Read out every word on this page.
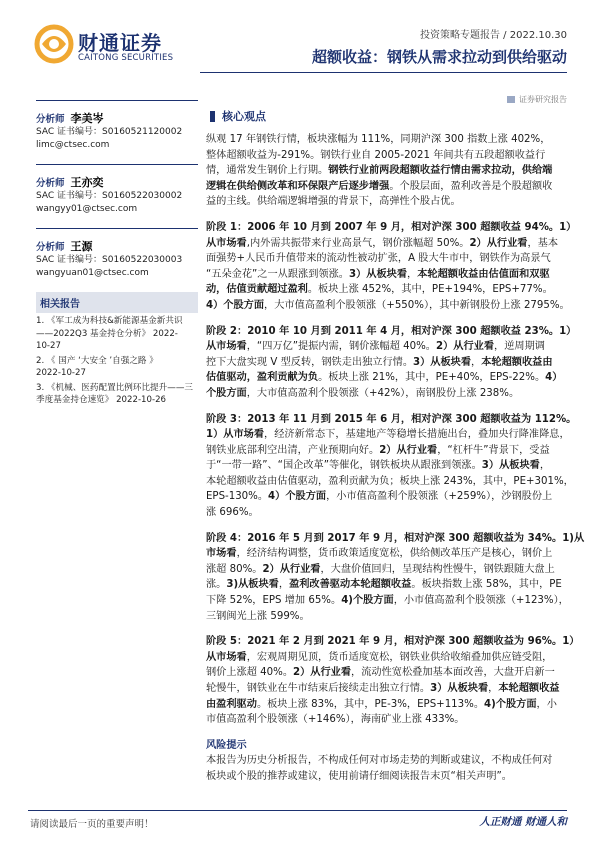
财通证券
CAITONG SECURITIES
投资策略专题报告 / 2022.10.30
超额收益：钢铁从需求拉动到供给驱动
证券研究报告
分析师 李美岑
SAC 证书编号：S0160521120002
limc@ctsec.com
分析师 王亦奕
SAC 证书编号：S0160522030002
wangyy01@ctsec.com
分析师 王源
SAC 证书编号：S0160522030003
wangyuan01@ctsec.com
相关报告
1. 《军工成为科技&新能源基金新共识
——2022Q3 基金持仓分析》 2022-
10-27
2. 《 国产 ‘大安全 ’自强之路 》
2022-10-27
3. 《机械、医药配置比例环比提升——三
季度基金持仓速览》 2022-10-26
核心观点
纵观 17 年钢铁行情，板块涨幅为 111%，同期沪深 300 指数上涨 402%，
整体超额收益为-291%。钢铁行业自 2005-2021 年间共有五段超额收益行
情，通常发生钢价上行期。钢铁行业前两段超额收益行情由需求拉动，供给端
逻辑在供给侧改革和环保限产后逐步增强。个股层面，盈利改善是个股超额收
益的主线。供给端逻辑增强的背景下，高弹性个股占优。
阶段 1：2006 年 10 月到 2007 年 9 月，相对沪深 300 超额收益 94%。1）
从市场看,内外需共振带来行业高景气，钢价涨幅超 50%。2）从行业看，基本
面强势+人民币升值带来的流动性被动扩张，A 股大牛市中，钢铁作为高景气
“五朵金花”之一从跟涨到领涨。3）从板块看，本轮超额收益由估值面和双驱
动，估值贡献超过盈利。板块上涨 452%，其中，PE+194%，EPS+77%。
4）个股方面，大市值高盈利个股领涨（+550%），其中新钢股份上涨 2795%。
阶段 2：2010 年 10 月到 2011 年 4 月，相对沪深 300 超额收益 23%。1）
从市场看，“四万亿”提振内需，钢价涨幅超 40%。2）从行业看，逆周期调
控下大盘实现 V 型反转，钢铁走出独立行情。3）从板块看，本轮超额收益由
估值驱动，盈利贡献为负。板块上涨 21%，其中，PE+40%，EPS-22%。4）
个股方面，大市值高盈利个股领涨（+42%），南钢股份上涨 238%。
阶段 3：2013 年 11 月到 2015 年 6 月，相对沪深 300 超额收益为 112%。
1）从市场看，经济新常态下，基建地产等稳增长措施出台，叠加央行降准降息，
钢铁业底部利空出清，产业预期向好。2）从行业看，“杠杆牛”背景下，受益
于“一带一路”、“国企改革”等催化，钢铁板块从跟涨到领涨。3）从板块看，
本轮超额收益由估值驱动，盈利贡献为负；板块上涨 243%，其中，PE+301%，
EPS-130%。4）个股方面，小市值高盈利个股领涨（+259%），沙钢股份上
涨 696%。
阶段 4：2016 年 5 月到 2017 年 9 月，相对沪深 300 超额收益为 34%。1)从
市场看，经济结构调整，货币政策适度宽松，供给侧改革压产是核心，钢价上
涨超 80%。2）从行业看，大盘价值回归，呈现结构性慢牛，钢铁跟随大盘上
涨。3)从板块看，盈利改善驱动本轮超额收益。板块指数上涨 58%，其中，PE
下降 52%，EPS 增加 65%。4)个股方面，小市值高盈利个股领涨（+123%），
三钢闽光上涨 599%。
阶段 5：2021 年 2 月到 2021 年 9 月，相对沪深 300 超额收益为 96%。1）
从市场看，宏观周期见顶，货币适度宽松，钢铁业供给收缩叠加供应链受阻，
钢价上涨超 40%。2）从行业看，流动性宽松叠加基本面改善，大盘开启新一
轮慢牛，钢铁业在牛市结束后接续走出独立行情。3）从板块看，本轮超额收益
由盈利驱动。板块上涨 83%，其中，PE-3%，EPS+113%。4)个股方面，小
市值高盈利个股领涨（+146%），海南矿业上涨 433%。
风险提示
本报告为历史分析报告，不构成任何对市场走势的判断或建议，不构成任何对
板块或个股的推荐或建议，使用前请仔细阅读报告末页“相关声明”。
请阅读最后一页的重要声明！	人正财通 财通人和
